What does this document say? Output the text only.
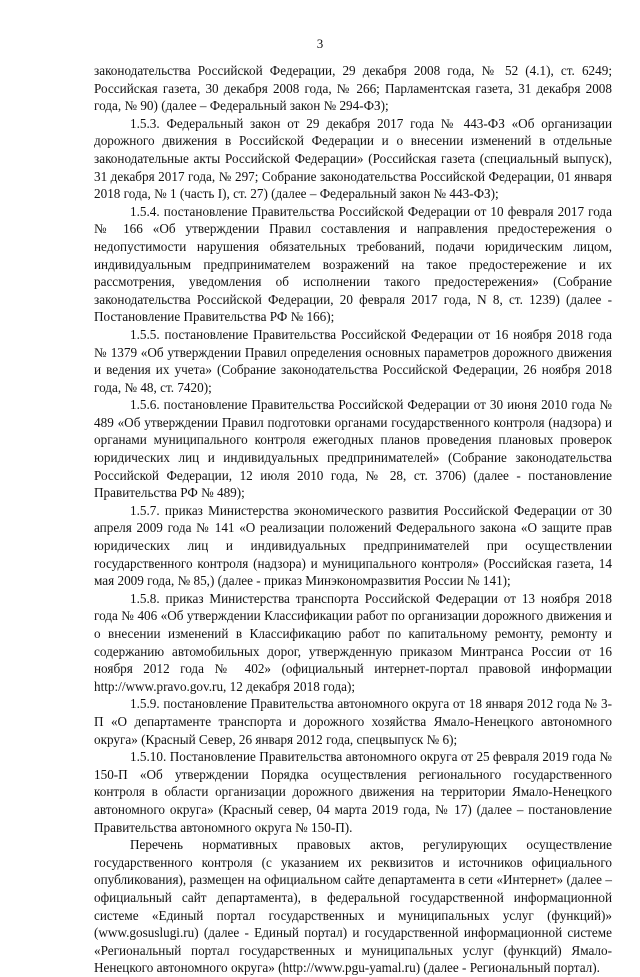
3

законодательства Российской Федерации, 29 декабря 2008 года, № 52 (4.1), ст. 6249; Российская газета, 30 декабря 2008 года, № 266; Парламентская газета, 31 декабря 2008 года, № 90) (далее – Федеральный закон № 294-ФЗ);

1.5.3. Федеральный закон от 29 декабря 2017 года № 443-ФЗ «Об организации дорожного движения в Российской Федерации и о внесении изменений в отдельные законодательные акты Российской Федерации» (Российская газета (специальный выпуск), 31 декабря 2017 года, № 297; Собрание законодательства Российской Федерации, 01 января 2018 года, № 1 (часть I), ст. 27) (далее – Федеральный закон № 443-ФЗ);

1.5.4. постановление Правительства Российской Федерации от 10 февраля 2017 года № 166 «Об утверждении Правил составления и направления предостережения о недопустимости нарушения обязательных требований, подачи юридическим лицом, индивидуальным предпринимателем возражений на такое предостережение и их рассмотрения, уведомления об исполнении такого предостережения» (Собрание законодательства Российской Федерации, 20 февраля 2017 года, N 8, ст. 1239) (далее - Постановление Правительства РФ № 166);

1.5.5. постановление Правительства Российской Федерации от 16 ноября 2018 года № 1379 «Об утверждении Правил определения основных параметров дорожного движения и ведения их учета» (Собрание законодательства Российской Федерации, 26 ноября 2018 года, № 48, ст. 7420);

1.5.6. постановление Правительства Российской Федерации от 30 июня 2010 года № 489 «Об утверждении Правил подготовки органами государственного контроля (надзора) и органами муниципального контроля ежегодных планов проведения плановых проверок юридических лиц и индивидуальных предпринимателей» (Собрание законодательства Российской Федерации, 12 июля 2010 года, № 28, ст. 3706) (далее - постановление Правительства РФ № 489);

1.5.7. приказ Министерства экономического развития Российской Федерации от 30 апреля 2009 года № 141 «О реализации положений Федерального закона «О защите прав юридических лиц и индивидуальных предпринимателей при осуществлении государственного контроля (надзора) и муниципального контроля» (Российская газета, 14 мая 2009 года, № 85,) (далее - приказ Минэкономразвития России № 141);

1.5.8. приказ Министерства транспорта Российской Федерации от 13 ноября 2018 года № 406 «Об утверждении Классификации работ по организации дорожного движения и о внесении изменений в Классификацию работ по капитальному ремонту, ремонту и содержанию автомобильных дорог, утвержденную приказом Минтранса России от 16 ноября 2012 года № 402» (официальный интернет-портал правовой информации http://www.pravo.gov.ru, 12 декабря 2018 года);

1.5.9. постановление Правительства автономного округа от 18 января 2012 года № 3-П «О департаменте транспорта и дорожного хозяйства Ямало-Ненецкого автономного округа» (Красный Север, 26 января 2012 года, спецвыпуск № 6);

1.5.10. Постановление Правительства автономного округа от 25 февраля 2019 года № 150-П «Об утверждении Порядка осуществления регионального государственного контроля в области организации дорожного движения на территории Ямало-Ненецкого автономного округа» (Красный север, 04 марта 2019 года, № 17) (далее – постановление Правительства автономного округа № 150-П).

Перечень нормативных правовых актов, регулирующих осуществление государственного контроля (с указанием их реквизитов и источников официального опубликования), размещен на официальном сайте департамента в сети «Интернет» (далее – официальный сайт департамента), в федеральной государственной информационной системе «Единый портал государственных и муниципальных услуг (функций)» (www.gosuslugi.ru) (далее - Единый портал) и государственной информационной системе «Региональный портал государственных и муниципальных услуг (функций) Ямало-Ненецкого автономного округа» (http://www.pgu-yamal.ru) (далее - Региональный портал).
